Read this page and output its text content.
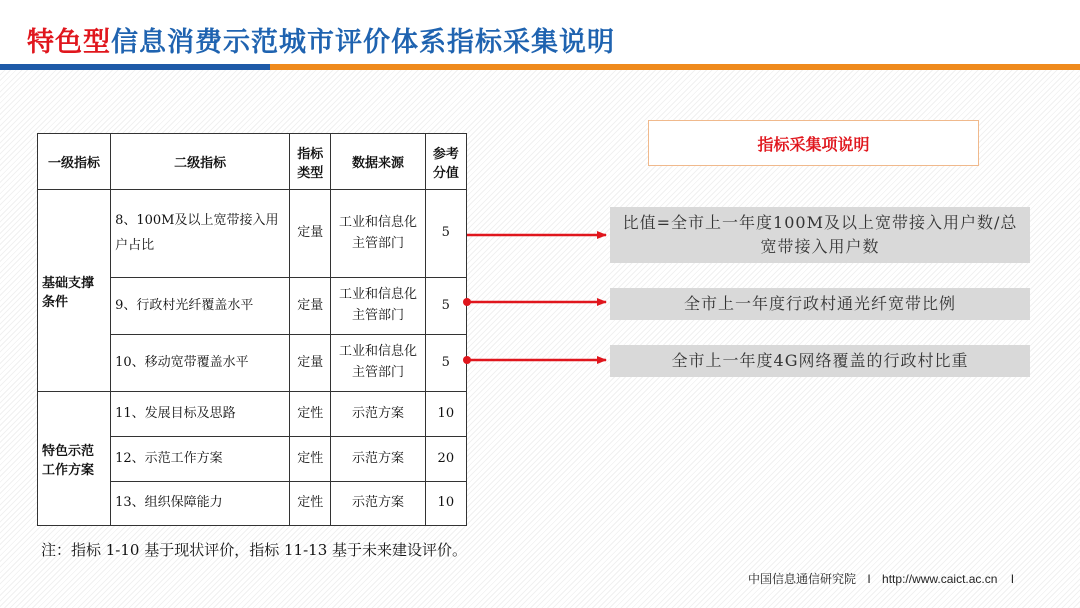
特色型信息消费示范城市评价体系指标采集说明
一级指标	二级指标	指标类型	数据来源	参考分值
基础支撑条件	8、100M及以上宽带接入用户占比	定量	工业和信息化主管部门	5
	9、行政村光纤覆盖水平	定量	工业和信息化主管部门	5
	10、移动宽带覆盖水平	定量	工业和信息化主管部门	5
特色示范工作方案	11、发展目标及思路	定性	示范方案	10
	12、示范工作方案	定性	示范方案	20
	13、组织保障能力	定性	示范方案	10
注：指标 1-10 基于现状评价，指标 11-13 基于未来建设评价。
指标采集项说明
比值=全市上一年度100M及以上宽带接入用户数/总宽带接入用户数
全市上一年度行政村通光纤宽带比例
全市上一年度4G网络覆盖的行政村比重
中国信息通信研究院 I http://www.caict.ac.cn I
